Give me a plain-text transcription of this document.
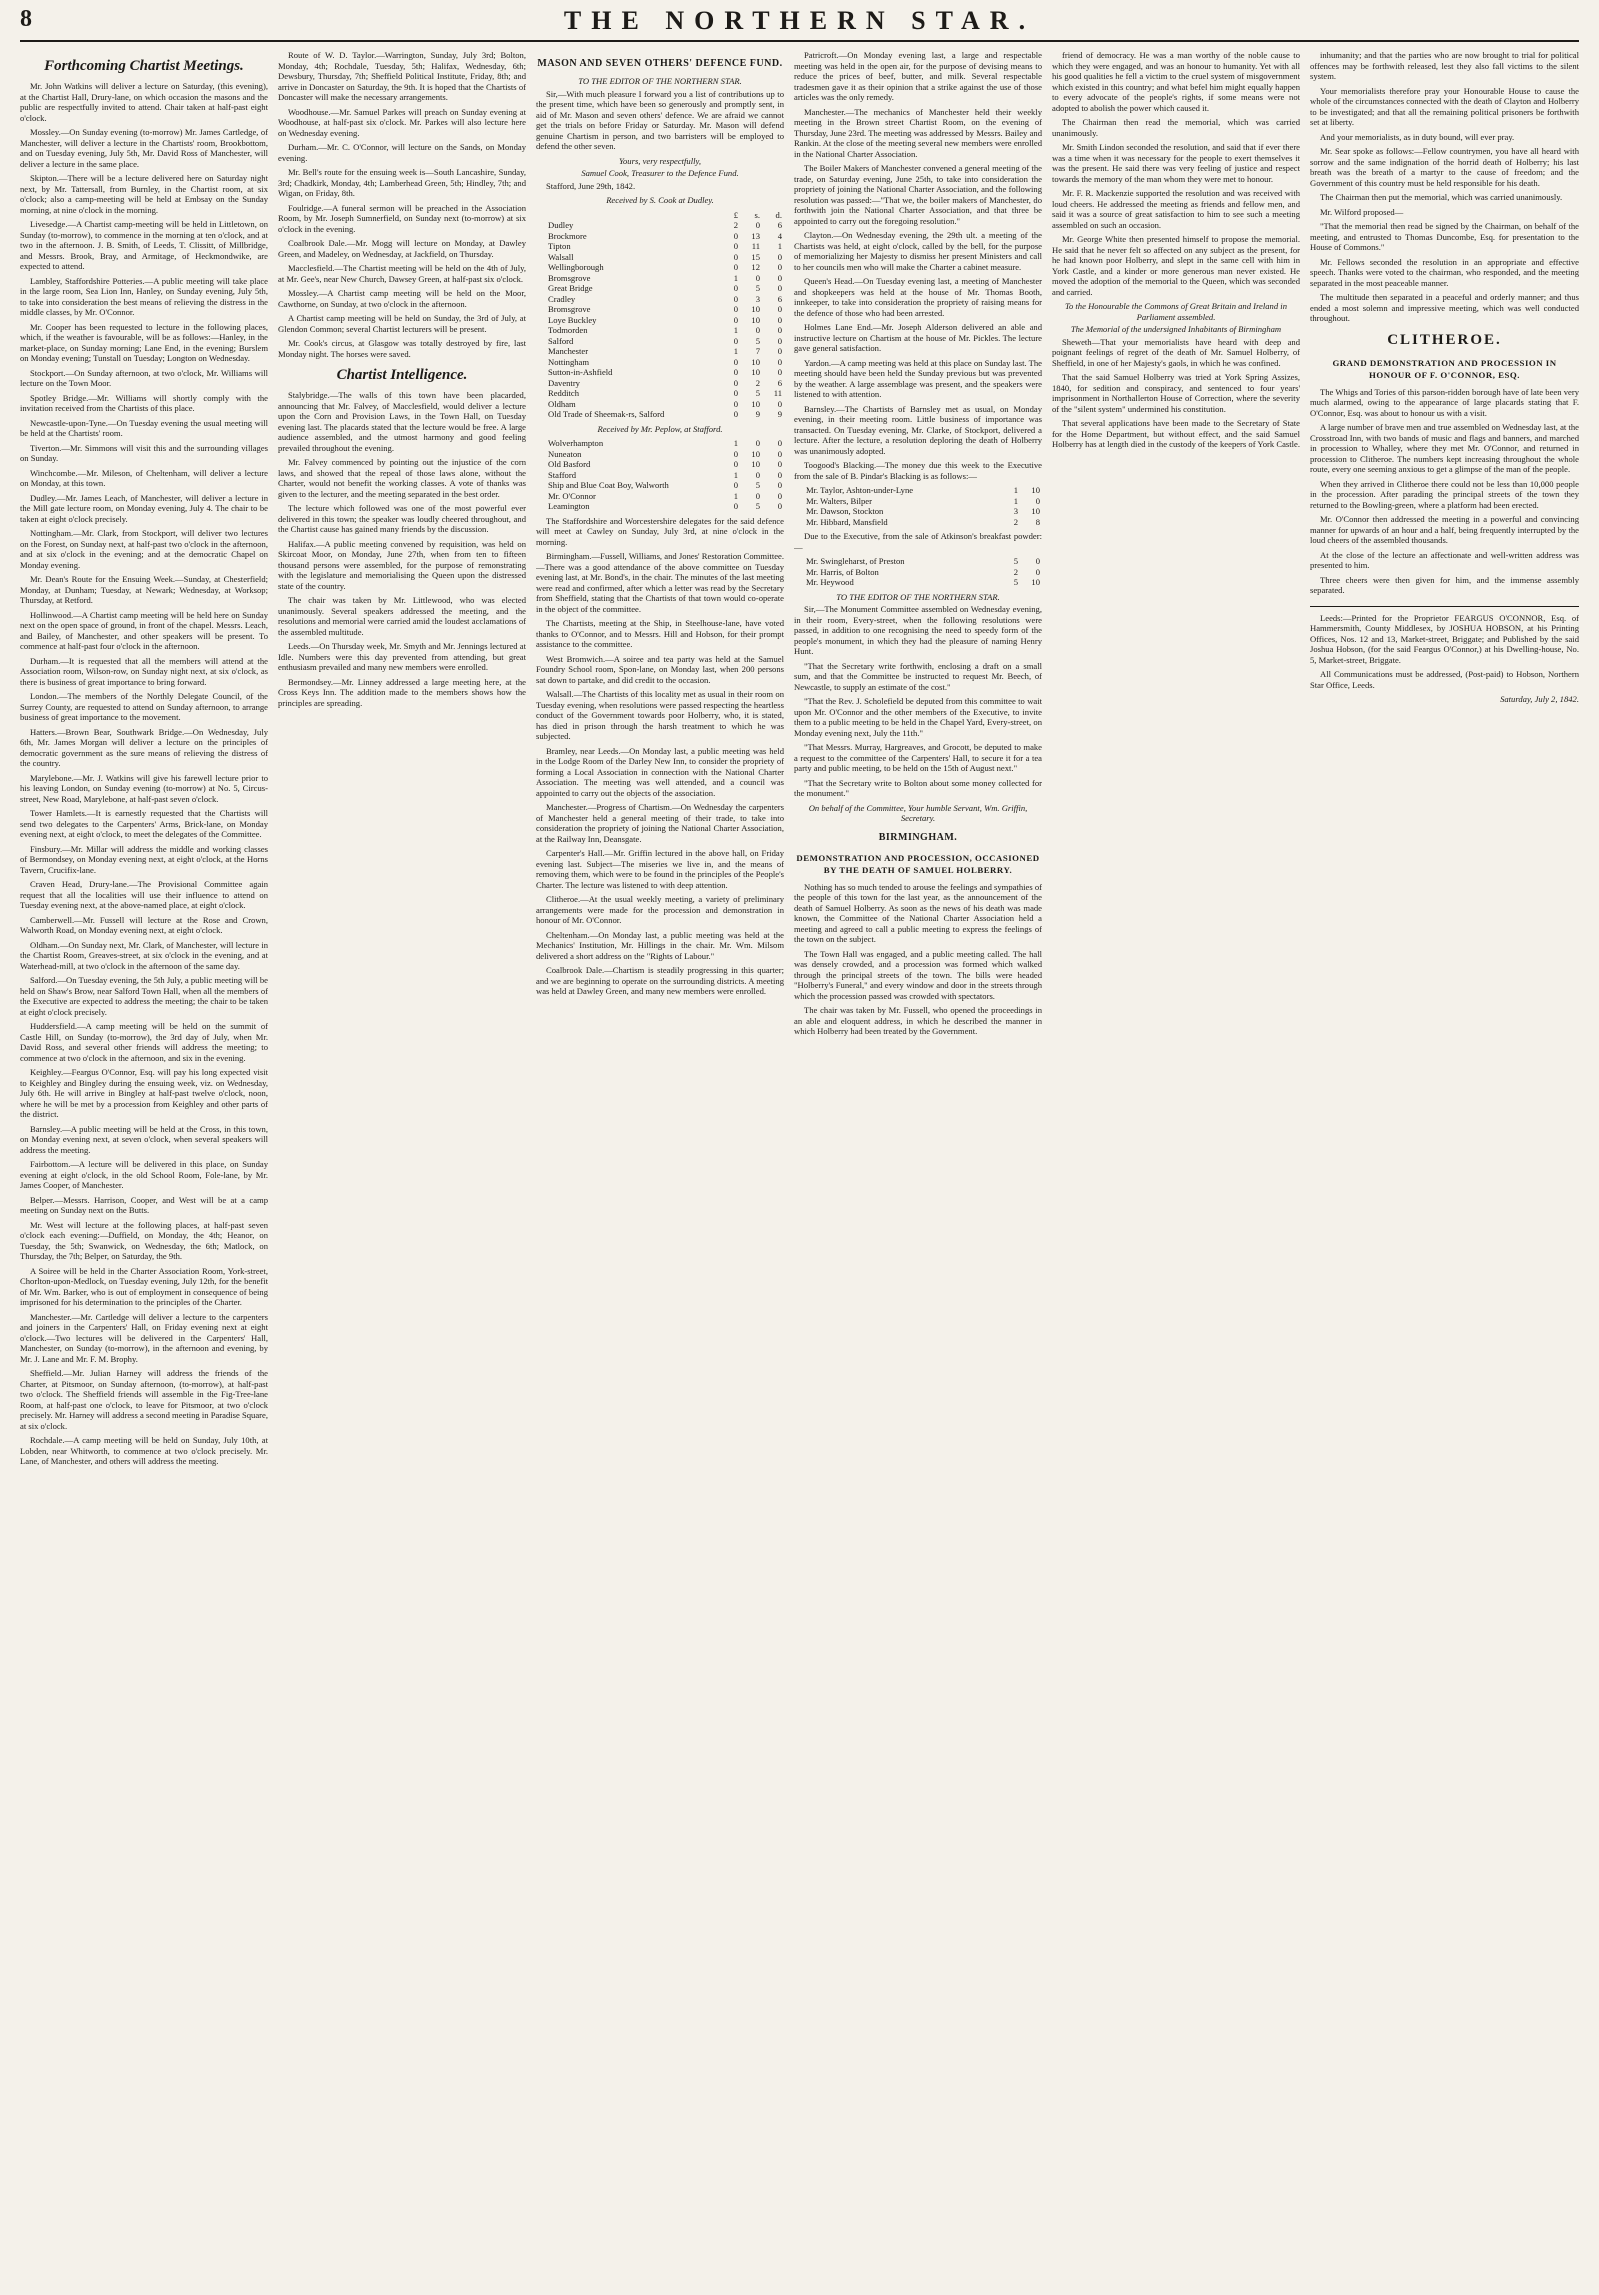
8	THE NORTHERN STAR.
Forthcoming Chartist Meetings.

Mr. John Watkins will deliver a lecture on Saturday, (this evening), at the Chartist Hall, Drury-lane, on which occasion the masons and the public are respectfully invited to attend. Chair taken at half-past eight o'clock.

Mossley.—On Sunday evening (to-morrow) Mr. James Cartledge, of Manchester, will deliver a lecture in the Chartists' room, Brookbottom, and on Tuesday evening, July 5th, Mr. David Ross of Manchester, will deliver a lecture in the same place.

Skipton.—There will be a lecture delivered here on Saturday night next, by Mr. Tattersall, from Burnley, in the Chartist room, at six o'clock; also a camp-meeting will be held at Embsay on the Sunday morning, at nine o'clock in the morning.

Livesedge.—A Chartist camp-meeting will be held in Littletown, on Sunday (to-morrow), to commence in the morning at ten o'clock, and at two in the afternoon. J. B. Smith, of Leeds, T. Clissitt, of Millbridge, and Messrs. Brook, Bray, and Armitage, of Heckmondwike, are expected to attend.

Lambley, Staffordshire Potteries.—A public meeting will take place in the large room, Sea Lion Inn, Hanley, on Sunday evening, July 5th, to take into consideration the best means of relieving the distress in the middle classes, by Mr. O'Connor.

Mr. Cooper has been requested to lecture in the following places, which, if the weather is favourable, will be as follows:—Hanley, in the market-place, on Sunday morning; Lane End, in the evening; Burslem on Monday evening; Tunstall on Tuesday; Longton on Wednesday.

Stockport.—On Sunday afternoon, at two o'clock, Mr. Williams will lecture on the Town Moor.

Spotley Bridge.—Mr. Williams will shortly comply with the invitation received from the Chartists of this place.

Newcastle-upon-Tyne.—On Tuesday evening the usual meeting will be held at the Chartists' room.

Tiverton.—Mr. Simmons will visit this and the surrounding villages on Sunday.

Winchcombe.—Mr. Mileson, of Cheltenham, will deliver a lecture on Monday, at this town.

Dudley.—Mr. James Leach, of Manchester, will deliver a lecture in the Mill gate lecture room, on Monday evening, July 4. The chair to be taken at eight o'clock precisely.

Nottingham.—Mr. Clark, from Stockport, will deliver two lectures on the Forest, on Sunday next, at half-past two o'clock in the afternoon, and at six o'clock in the evening; and at the democratic Chapel on Monday evening.

Mr. Dean's Route for the Ensuing Week.—Sunday, at Chesterfield; Monday, at Dunham; Tuesday, at Newark; Wednesday, at Worksop; Thursday, at Retford.

Hollinwood.—A Chartist camp meeting will be held here on Sunday next on the open space of ground, in front of the chapel. Messrs. Leach, and Bailey, of Manchester, and other speakers will be present. To commence at half-past four o'clock in the afternoon.

Durham.—It is requested that all the members will attend at the Association room, Wilson-row, on Sunday night next, at six o'clock, as there is business of great importance to bring forward.

London.—The members of the Northly Delegate Council, of the Surrey County, are requested to attend on Sunday afternoon, to arrange business of great importance to the movement.

Hatters.—Brown Bear, Southwark Bridge.—On Wednesday, July 6th, Mr. James Morgan will deliver a lecture on the principles of democratic government as the sure means of relieving the distress of the country.

Marylebone.—Mr. J. Watkins will give his farewell lecture prior to his leaving London, on Sunday evening (to-morrow) at No. 5, Circus-street, New Road, Marylebone, at half-past seven o'clock.

Tower Hamlets.—It is earnestly requested that the Chartists will send two delegates to the Carpenters' Arms, Brick-lane, on Monday evening next, at eight o'clock, to meet the delegates of the Committee.

Finsbury.—Mr. Millar will address the middle and working classes of Bermondsey, on Monday evening next, at eight o'clock, at the Horns Tavern, Crucifix-lane.

Craven Head, Drury-lane.—The Provisional Committee again request that all the localities will use their influence to attend on Tuesday evening next, at the above-named place, at eight o'clock.

Camberwell.—Mr. Fussell will lecture at the Rose and Crown, Walworth Road, on Monday evening next, at eight o'clock.

Oldham.—On Sunday next, Mr. Clark, of Manchester, will lecture in the Chartist Room, Greaves-street, at six o'clock in the evening, and at Waterhead-mill, at two o'clock in the afternoon of the same day.

Salford.—On Tuesday evening, the 5th July, a public meeting will be held on Shaw's Brow, near Salford Town Hall, when all the members of the Executive are expected to address the meeting; the chair to be taken at eight o'clock precisely.

Huddersfield.—A camp meeting will be held on the summit of Castle Hill, on Sunday (to-morrow), the 3rd day of July, when Mr. David Ross, and several other friends will address the meeting; to commence at two o'clock in the afternoon, and six in the evening.

Keighley.—Feargus O'Connor, Esq. will pay his long expected visit to Keighley and Bingley during the ensuing week, viz. on Wednesday, July 6th. He will arrive in Bingley at half-past twelve o'clock, noon, where he will be met by a procession from Keighley and other parts of the district.

Barnsley.—A public meeting will be held at the Cross, in this town, on Monday evening next, at seven o'clock, when several speakers will address the meeting.

Fairbottom.—A lecture will be delivered in this place, on Sunday evening at eight o'clock, in the old School Room, Fole-lane, by Mr. James Cooper, of Manchester.

Belper.—Messrs. Harrison, Cooper, and West will be at a camp meeting on Sunday next on the Butts.

Mr. West will lecture at the following places, at half-past seven o'clock each evening:—Duffield, on Monday, the 4th; Heanor, on Tuesday, the 5th; Swanwick, on Wednesday, the 6th; Matlock, on Thursday, the 7th; Belper, on Saturday, the 9th.

A Soiree will be held in the Charter Association Room, York-street, Chorlton-upon-Medlock, on Tuesday evening, July 12th, for the benefit of Mr. Wm. Barker, who is out of employment in consequence of being imprisoned for his determination to the principles of the Charter.

Manchester.—Mr. Cartledge will deliver a lecture to the carpenters and joiners in the Carpenters' Hall, on Friday evening next at eight o'clock.—Two lectures will be delivered in the Carpenters' Hall, Manchester, on Sunday (to-morrow), in the afternoon and evening, by Mr. J. Lane and Mr. F. M. Brophy.

Sheffield.—Mr. Julian Harney will address the friends of the Charter, at Pitsmoor, on Sunday afternoon, (to-morrow), at half-past two o'clock. The Sheffield friends will assemble in the Fig-Tree-lane Room, at half-past one o'clock, to leave for Pitsmoor, at two o'clock precisely. Mr. Harney will address a second meeting in Paradise Square, at six o'clock.

Rochdale.—A camp meeting will be held on Sunday, July 10th, at Lobden, near Whitworth, to commence at two o'clock precisely. Mr. Lane, of Manchester, and others will address the meeting.

Route of W. D. Taylor.—Warrington, Sunday, July 3rd; Bolton, Monday, 4th; Rochdale, Tuesday, 5th; Halifax, Wednesday, 6th; Dewsbury, Thursday, 7th; Sheffield Political Institute, Friday, 8th; and arrive in Doncaster on Saturday, the 9th. It is hoped that the Chartists of Doncaster will make the necessary arrangements.

Woodhouse.—Mr. Samuel Parkes will preach on Sunday evening at Woodhouse, at half-past six o'clock. Mr. Parkes will also lecture here on Wednesday evening.

Durham.—Mr. C. O'Connor, will lecture on the Sands, on Monday evening.

Mr. Bell's route for the ensuing week is—South Lancashire, Sunday, 3rd; Chadkirk, Monday, 4th; Lamberhead Green, 5th; Hindley, 7th; and Wigan, on Friday, 8th.

Foulridge.—A funeral sermon will be preached in the Association Room, by Mr. Joseph Sumnerfield, on Sunday next (to-morrow) at six o'clock in the evening.

Coalbrook Dale.—Mr. Mogg will lecture on Monday, at Dawley Green, and Madeley, on Wednesday, at Jackfield, on Thursday.

Macclesfield.—The Chartist meeting will be held on the 4th of July, at Mr. Gee's, near New Church, Dawsey Green, at half-past six o'clock.

Mossley.—A Chartist camp meeting will be held on the Moor, Cawthorne, on Sunday, at two o'clock in the afternoon.

A Chartist camp meeting will be held on Sunday, the 3rd of July, at Glendon Common; several Chartist lecturers will be present.

Mr. Cook's circus, at Glasgow was totally destroyed by fire, last Monday night. The horses were saved.

Chartist Intelligence.

Stalybridge.—The walls of this town have been placarded, announcing that Mr. Falvey, of Macclesfield, would deliver a lecture upon the Corn and Provision Laws, in the Town Hall, on Tuesday evening last. The placards stated that the lecture would be free. A large audience assembled, and the utmost harmony and good feeling prevailed throughout the evening.

Mr. Falvey commenced by pointing out the injustice of the corn laws, and showed that the repeal of those laws alone, without the Charter, would not benefit the working classes. A vote of thanks was given to the lecturer, and the meeting separated in the best order.

The lecture which followed was one of the most powerful ever delivered in this town; the speaker was loudly cheered throughout, and the Chartist cause has gained many friends by the discussion.

Halifax.—A public meeting convened by requisition, was held on Skircoat Moor, on Monday, June 27th, when from ten to fifteen thousand persons were assembled, for the purpose of remonstrating with the legislature and memorialising the Queen upon the distressed state of the country.

The chair was taken by Mr. Littlewood, who was elected unanimously. Several speakers addressed the meeting, and the resolutions and memorial were carried amid the loudest acclamations of the assembled multitude.

Leeds.—On Thursday week, Mr. Smyth and Mr. Jennings lectured at Idle. Numbers were this day prevented from attending, but great enthusiasm prevailed and many new members were enrolled.

Bermondsey.—Mr. Linney addressed a large meeting here, at the Cross Keys Inn. The addition made to the members shows how the principles are spreading.

MASON AND SEVEN OTHERS' DEFENCE FUND.
TO THE EDITOR OF THE NORTHERN STAR.

Sir,—With much pleasure I forward you a list of contributions up to the present time, which have been so generously and promptly sent, in aid of Mr. Mason and seven others' defence. We are afraid we cannot get the trials on before Friday or Saturday. Mr. Mason will defend genuine Chartism in person, and two barristers will be employed to defend the other seven.

Yours, very respectfully,
Samuel Cook, Treasurer to the Defence Fund.
Stafford, June 29th, 1842.
Received by S. Cook at Dudley.
	£	s.	d.
Dudley	2	0	6
Brockmore	0	13	4
Tipton	0	11	1
Walsall	0	15	0
Wellingborough	0	12	0
Bromsgrove	1	0	0
Great Bridge	0	5	0
Cradley	0	3	6
Bromsgrove	0	10	0
Loye Buckley	0	10	0
Todmorden	1	0	0
Salford	0	5	0
Manchester	1	7	0
Nottingham	0	10	0
Sutton-in-Ashfield	0	10	0
Daventry	0	2	6
Redditch	0	5	11
Oldham	0	10	0
Old Trade of Sheemak-rs, Salford	0	9	9
Received by Mr. Peplow, at Stafford.
Wolverhampton	1	0	0
Nuneaton	0	10	0
Old Basford	0	10	0
Stafford	1	0	0
Ship and Blue Coat Boy, Walworth	0	5	0
Mr. O'Connor	1	0	0
Leamington	0	5	0

The Staffordshire and Worcestershire delegates for the said defence will meet at Cawley on Sunday, July 3rd, at nine o'clock in the morning.

Birmingham.—Fussell, Williams, and Jones' Restoration Committee.—There was a good attendance of the above committee on Tuesday evening last, at Mr. Bond's, in the chair. The minutes of the last meeting were read and confirmed, after which a letter was read by the Secretary from Sheffield, stating that the Chartists of that town would co-operate in the object of the committee.

The Chartists, meeting at the Ship, in Steelhouse-lane, have voted thanks to O'Connor, and to Messrs. Hill and Hobson, for their prompt assistance to the committee.

West Bromwich.—A soiree and tea party was held at the Samuel Foundry School room, Spon-lane, on Monday last, when 200 persons sat down to partake, and did credit to the occasion.

Walsall.—The Chartists of this locality met as usual in their room on Tuesday evening, when resolutions were passed respecting the heartless conduct of the Government towards poor Holberry, who, it is stated, has died in prison through the harsh treatment to which he was subjected.

Bramley, near Leeds.—On Monday last, a public meeting was held in the Lodge Room of the Darley New Inn, to consider the propriety of forming a Local Association in connection with the National Charter Association. The meeting was well attended, and a council was appointed to carry out the objects of the association.

Manchester.—Progress of Chartism.—On Wednesday the carpenters of Manchester held a general meeting of their trade, to take into consideration the propriety of joining the National Charter Association, at the Railway Inn, Deansgate.

Carpenter's Hall.—Mr. Griffin lectured in the above hall, on Friday evening last. Subject—The miseries we live in, and the means of removing them, which were to be found in the principles of the People's Charter. The lecture was listened to with deep attention.

Clitheroe.—At the usual weekly meeting, a variety of preliminary arrangements were made for the procession and demonstration in honour of Mr. O'Connor.

Cheltenham.—On Monday last, a public meeting was held at the Mechanics' Institution, Mr. Hillings in the chair. Mr. Wm. Milsom delivered a short address on the "Rights of Labour."

Coalbrook Dale.—Chartism is steadily progressing in this quarter; and we are beginning to operate on the surrounding districts. A meeting was held at Dawley Green, and many new members were enrolled.

Patricroft.—On Monday evening last, a large and respectable meeting was held in the open air, for the purpose of devising means to reduce the prices of beef, butter, and milk. Several respectable tradesmen gave it as their opinion that a strike against the use of those articles was the only remedy.

Manchester.—The mechanics of Manchester held their weekly meeting in the Brown street Chartist Room, on the evening of Thursday, June 23rd. The meeting was addressed by Messrs. Bailey and Rankin. At the close of the meeting several new members were enrolled in the National Charter Association.

The Boiler Makers of Manchester convened a general meeting of the trade, on Saturday evening, June 25th, to take into consideration the propriety of joining the National Charter Association, and the following resolution was passed:—"That we, the boiler makers of Manchester, do forthwith join the National Charter Association, and that three be appointed to carry out the foregoing resolution."

Clayton.—On Wednesday evening, the 29th ult. a meeting of the Chartists was held, at eight o'clock, called by the bell, for the purpose of memorializing her Majesty to dismiss her present Ministers and call to her councils men who will make the Charter a cabinet measure.

Queen's Head.—On Tuesday evening last, a meeting of Manchester and shopkeepers was held at the house of Mr. Thomas Booth, innkeeper, to take into consideration the propriety of raising means for the defence of those who had been arrested.

Holmes Lane End.—Mr. Joseph Alderson delivered an able and instructive lecture on Chartism at the house of Mr. Pickles. The lecture gave general satisfaction.

Yardon.—A camp meeting was held at this place on Sunday last. The meeting should have been held the Sunday previous but was prevented by the weather. A large assemblage was present, and the speakers were listened to with attention.

Barnsley.—The Chartists of Barnsley met as usual, on Monday evening, in their meeting room. Little business of importance was transacted. On Tuesday evening, Mr. Clarke, of Stockport, delivered a lecture. After the lecture, a resolution deploring the death of Holberry was unanimously adopted.

Toogood's Blacking.—The money due this week to the Executive from the sale of B. Pindar's Blacking is as follows:—

Mr. Taylor, Ashton-under-Lyne	1	10
Mr. Walters, Bilper	1	0
Mr. Dawson, Stockton	3	10
Mr. Hibbard, Mansfield	2	8

Due to the Executive, from the sale of Atkinson's breakfast powder:—

Mr. Swingleharst, of Preston	5	0
Mr. Harris, of Bolton	2	0
Mr. Heywood	5	10
TO THE EDITOR OF THE NORTHERN STAR.

Sir,—The Monument Committee assembled on Wednesday evening, in their room, Every-street, when the following resolutions were passed, in addition to one recognising the need to speedy form of the people's monument, in which they had the pleasure of naming Henry Hunt.

"That the Secretary write forthwith, enclosing a draft on a small sum, and that the Committee be instructed to request Mr. Beech, of Newcastle, to supply an estimate of the cost."

"That the Rev. J. Scholefield be deputed from this committee to wait upon Mr. O'Connor and the other members of the Executive, to invite them to a public meeting to be held in the Chapel Yard, Every-street, on Monday evening next, July the 11th."

"That Messrs. Murray, Hargreaves, and Grocott, be deputed to make a request to the committee of the Carpenters' Hall, to secure it for a tea party and public meeting, to be held on the 15th of August next."

"That the Secretary write to Bolton about some money collected for the monument."

On behalf of the Committee, Your humble Servant, Wm. Griffin, Secretary.
BIRMINGHAM.
DEMONSTRATION AND PROCESSION, OCCASIONED BY THE DEATH OF SAMUEL HOLBERRY.

Nothing has so much tended to arouse the feelings and sympathies of the people of this town for the last year, as the announcement of the death of Samuel Holberry. As soon as the news of his death was made known, the Committee of the National Charter Association held a meeting and agreed to call a public meeting to express the feelings of the town on the subject.

The Town Hall was engaged, and a public meeting called. The hall was densely crowded, and a procession was formed which walked through the principal streets of the town. The bills were headed "Holberry's Funeral," and every window and door in the streets through which the procession passed was crowded with spectators.

The chair was taken by Mr. Fussell, who opened the proceedings in an able and eloquent address, in which he described the manner in which Holberry had been treated by the Government.

friend of democracy. He was a man worthy of the noble cause to which they were engaged, and was an honour to humanity. Yet with all his good qualities he fell a victim to the cruel system of misgovernment which existed in this country; and what befel him might equally happen to every advocate of the people's rights, if some means were not adopted to abolish the power which caused it.

The Chairman then read the memorial, which was carried unanimously.

Mr. Smith Lindon seconded the resolution, and said that if ever there was a time when it was necessary for the people to exert themselves it was the present. He said there was very feeling of justice and respect towards the memory of the man whom they were met to honour.

Mr. F. R. Mackenzie supported the resolution and was received with loud cheers. He addressed the meeting as friends and fellow men, and said it was a source of great satisfaction to him to see such a meeting assembled on such an occasion.

Mr. George White then presented himself to propose the memorial. He said that he never felt so affected on any subject as the present, for he had known poor Holberry, and slept in the same cell with him in York Castle, and a kinder or more generous man never existed. He moved the adoption of the memorial to the Queen, which was seconded and carried.

To the Honourable the Commons of Great Britain and Ireland in Parliament assembled.
The Memorial of the undersigned Inhabitants of Birmingham

Sheweth—That your memorialists have heard with deep and poignant feelings of regret of the death of Mr. Samuel Holberry, of Sheffield, in one of her Majesty's gaols, in which he was confined.

That the said Samuel Holberry was tried at York Spring Assizes, 1840, for sedition and conspiracy, and sentenced to four years' imprisonment in Northallerton House of Correction, where the severity of the "silent system" undermined his constitution.

That several applications have been made to the Secretary of State for the Home Department, but without effect, and the said Samuel Holberry has at length died in the custody of the keepers of York Castle.

inhumanity; and that the parties who are now brought to trial for political offences may be forthwith released, lest they also fall victims to the silent system.

Your memorialists therefore pray your Honourable House to cause the whole of the circumstances connected with the death of Clayton and Holberry to be investigated; and that all the remaining political prisoners be forthwith set at liberty.

And your memorialists, as in duty bound, will ever pray.

Mr. Sear spoke as follows:—Fellow countrymen, you have all heard with sorrow and the same indignation of the horrid death of Holberry; his last breath was the breath of a martyr to the cause of freedom; and the Government of this country must be held responsible for his death.

The Chairman then put the memorial, which was carried unanimously.

Mr. Wilford proposed—

"That the memorial then read be signed by the Chairman, on behalf of the meeting, and entrusted to Thomas Duncombe, Esq. for presentation to the House of Commons."

Mr. Fellows seconded the resolution in an appropriate and effective speech. Thanks were voted to the chairman, who responded, and the meeting separated in the most peaceable manner.

The multitude then separated in a peaceful and orderly manner; and thus ended a most solemn and impressive meeting, which was well conducted throughout.

CLITHEROE.
GRAND DEMONSTRATION AND PROCESSION IN HONOUR OF F. O'CONNOR, ESQ.

The Whigs and Tories of this parson-ridden borough have of late been very much alarmed, owing to the appearance of large placards stating that F. O'Connor, Esq. was about to honour us with a visit.

A large number of brave men and true assembled on Wednesday last, at the Crosstroad Inn, with two bands of music and flags and banners, and marched in procession to Whalley, where they met Mr. O'Connor, and returned in procession to Clitheroe. The numbers kept increasing throughout the whole route, every one seeming anxious to get a glimpse of the man of the people.

When they arrived in Clitheroe there could not be less than 10,000 people in the procession. After parading the principal streets of the town they returned to the Bowling-green, where a platform had been erected.

Mr. O'Connor then addressed the meeting in a powerful and convincing manner for upwards of an hour and a half, being frequently interrupted by the loud cheers of the assembled thousands.

At the close of the lecture an affectionate and well-written address was presented to him.

Three cheers were then given for him, and the immense assembly separated.

Leeds:—Printed for the Proprietor FEARGUS O'CONNOR, Esq. of Hammersmith, County Middlesex, by JOSHUA HOBSON, at his Printing Offices, Nos. 12 and 13, Market-street, Briggate; and Published by the said Joshua Hobson, (for the said Feargus O'Connor,) at his Dwelling-house, No. 5, Market-street, Briggate.

All Communications must be addressed, (Post-paid) to Hobson, Northern Star Office, Leeds.

Saturday, July 2, 1842.
